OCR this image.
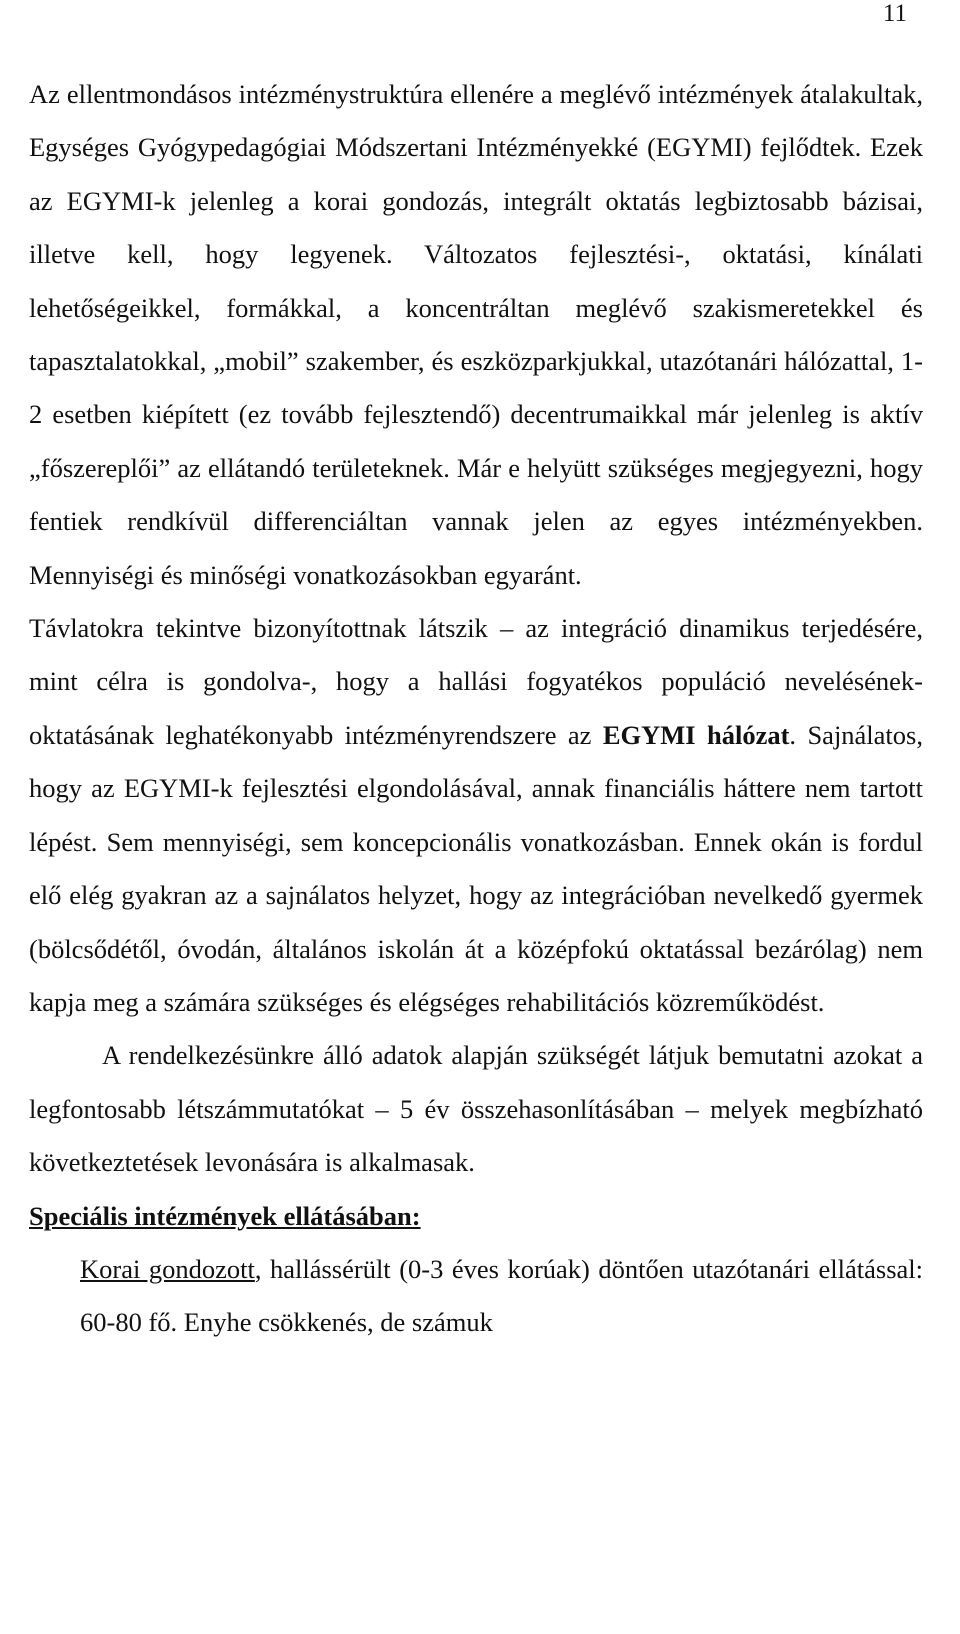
11

Az ellentmondásos intézménystruktúra ellenére a meglévő intézmények átalakultak, Egységes Gyógypedagógiai Módszertani Intézményekké (EGYMI) fejlődtek. Ezek az EGYMI-k jelenleg a korai gondozás, integrált oktatás legbiztosabb bázisai, illetve kell, hogy legyenek. Változatos fejlesztési-, oktatási, kínálati lehetőségeikkel, formákkal, a koncentráltan meglévő szakismeretekkel és tapasztalatokkal, „mobil” szakember, és eszközparkjukkal, utazótanári hálózattal, 1-2 esetben kiépített (ez tovább fejlesztendő) decentrumaikkal már jelenleg is aktív „főszereplői” az ellátandó területeknek. Már e helyütt szükséges megjegyezni, hogy fentiek rendkívül differenciáltan vannak jelen az egyes intézményekben. Mennyiségi és minőségi vonatkozásokban egyaránt.

Távlatokra tekintve bizonyítottnak látszik – az integráció dinamikus terjedésére, mint célra is gondolva-, hogy a hallási fogyatékos populáció nevelésének-oktatásának leghatékonyabb intézményrendszere az EGYMI hálózat. Sajnálatos, hogy az EGYMI-k fejlesztési elgondolásával, annak financiális háttere nem tartott lépést. Sem mennyiségi, sem koncepcionális vonatkozásban. Ennek okán is fordul elő elég gyakran az a sajnálatos helyzet, hogy az integrációban nevelkedő gyermek (bölcsődétől, óvodán, általános iskolán át a középfokú oktatással bezárólag) nem kapja meg a számára szükséges és elégséges rehabilitációs közreműködést.

A rendelkezésünkre álló adatok alapján szükségét látjuk bemutatni azokat a legfontosabb létszámmutatókat – 5 év összehasonlításában – melyek megbízható következtetések levonására is alkalmasak.

Speciális intézmények ellátásában:

Korai gondozott, hallássérült (0-3 éves korúak) döntően utazótanári ellátással: 60-80 fő. Enyhe csökkenés, de számuk
